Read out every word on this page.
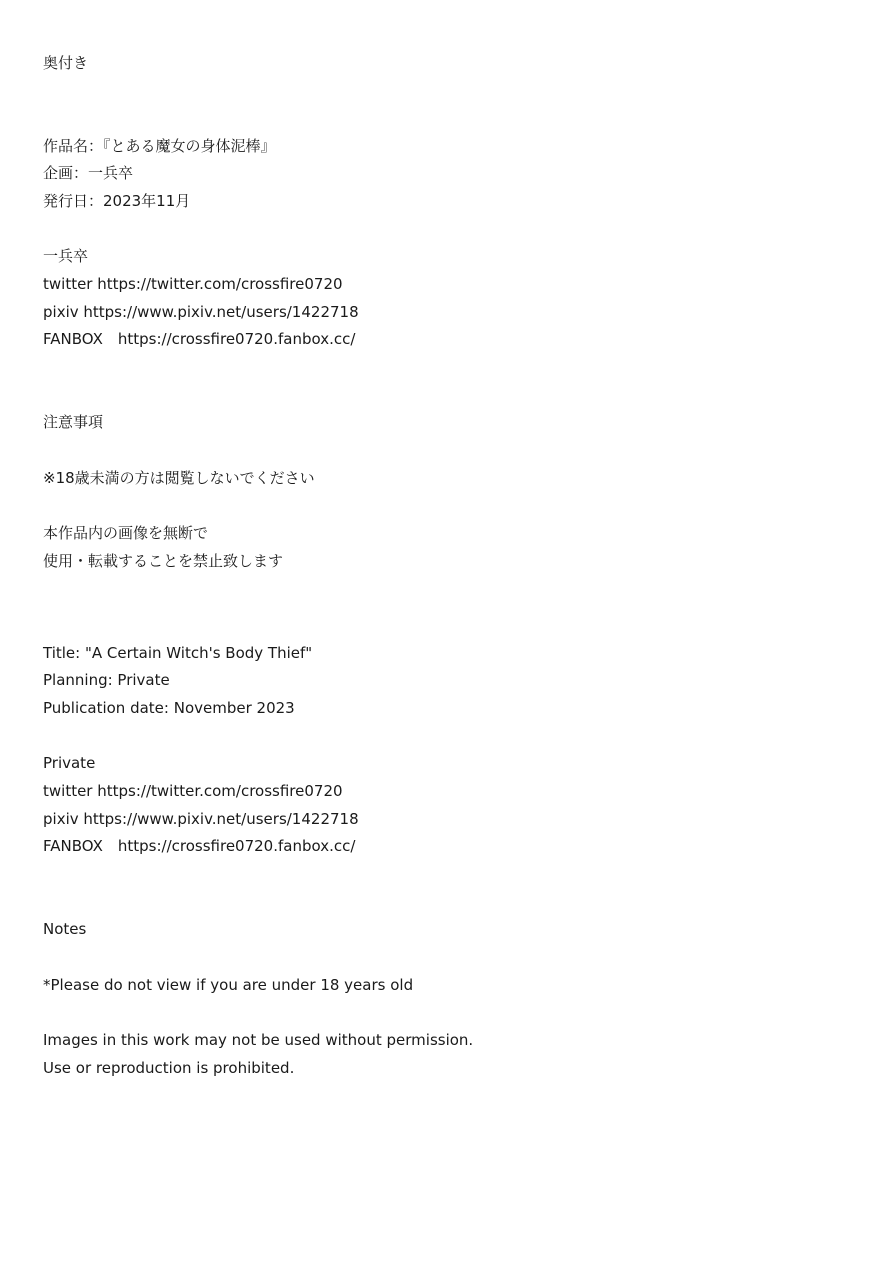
奥付き
作品名：『とある魔女の身体泥棒』
企画：一兵卒
発行日：2023年11月
一兵卒
twitter https://twitter.com/crossfire0720
pixiv https://www.pixiv.net/users/1422718
FANBOX　https://crossfire0720.fanbox.cc/
注意事項
※18歳未満の方は閲覧しないでください
本作品内の画像を無断で
使用・転載することを禁止致します
Title: "A Certain Witch's Body Thief"
Planning: Private
Publication date: November 2023
Private
twitter https://twitter.com/crossfire0720
pixiv https://www.pixiv.net/users/1422718
FANBOX　https://crossfire0720.fanbox.cc/
Notes
*Please do not view if you are under 18 years old
Images in this work may not be used without permission.
Use or reproduction is prohibited.
